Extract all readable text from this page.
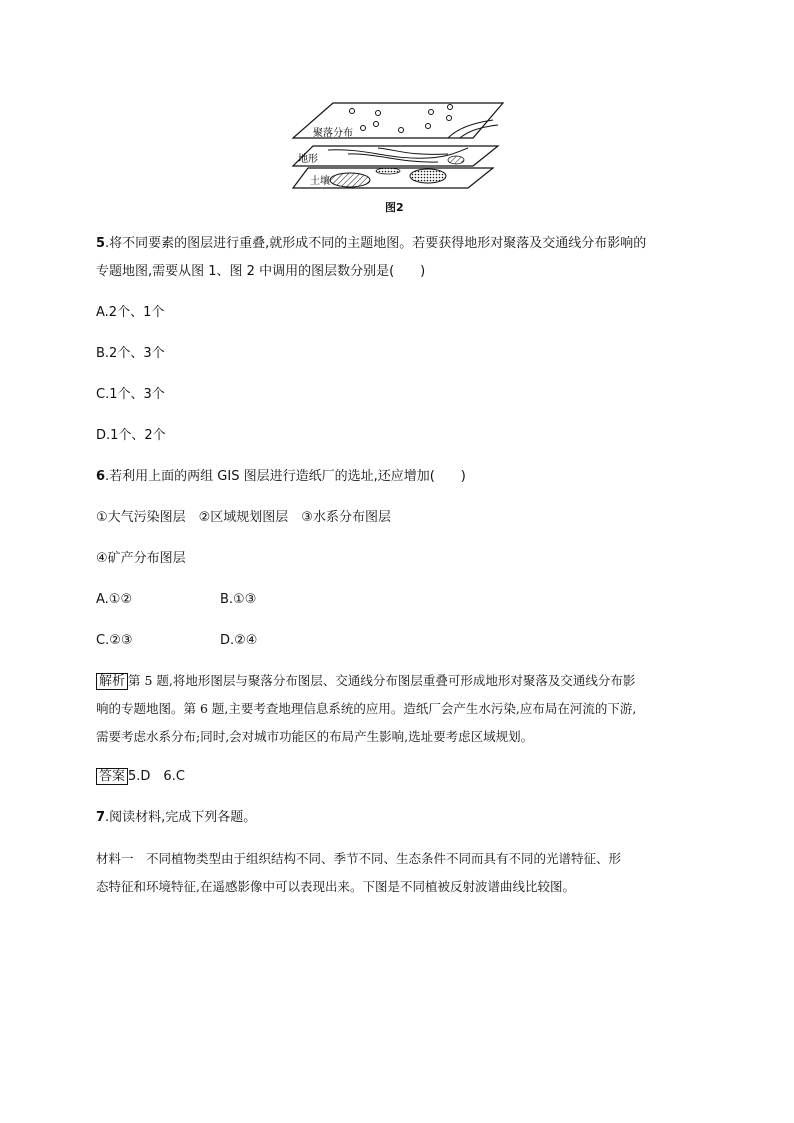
聚落分布
地形
土壤
图2
5.将不同要素的图层进行重叠,就形成不同的主题地图。若要获得地形对聚落及交通线分布影响的
专题地图,需要从图 1、图 2 中调用的图层数分别是(　　)
A.2个、1个
B.2个、3个
C.1个、3个
D.1个、2个
6.若利用上面的两组 GIS 图层进行造纸厂的选址,还应增加(　　)
①大气污染图层　②区域规划图层　③水系分布图层
④矿产分布图层
A.①②	B.①③
C.②③	D.②④
解析 第 5 题,将地形图层与聚落分布图层、交通线分布图层重叠可形成地形对聚落及交通线分布影
响的专题地图。第 6 题,主要考查地理信息系统的应用。造纸厂会产生水污染,应布局在河流的下游,
需要考虑水系分布;同时,会对城市功能区的布局产生影响,选址要考虑区域规划。
答案 5.D　6.C
7.阅读材料,完成下列各题。
材料一　不同植物类型由于组织结构不同、季节不同、生态条件不同而具有不同的光谱特征、形
态特征和环境特征,在遥感影像中可以表现出来。下图是不同植被反射波谱曲线比较图。
